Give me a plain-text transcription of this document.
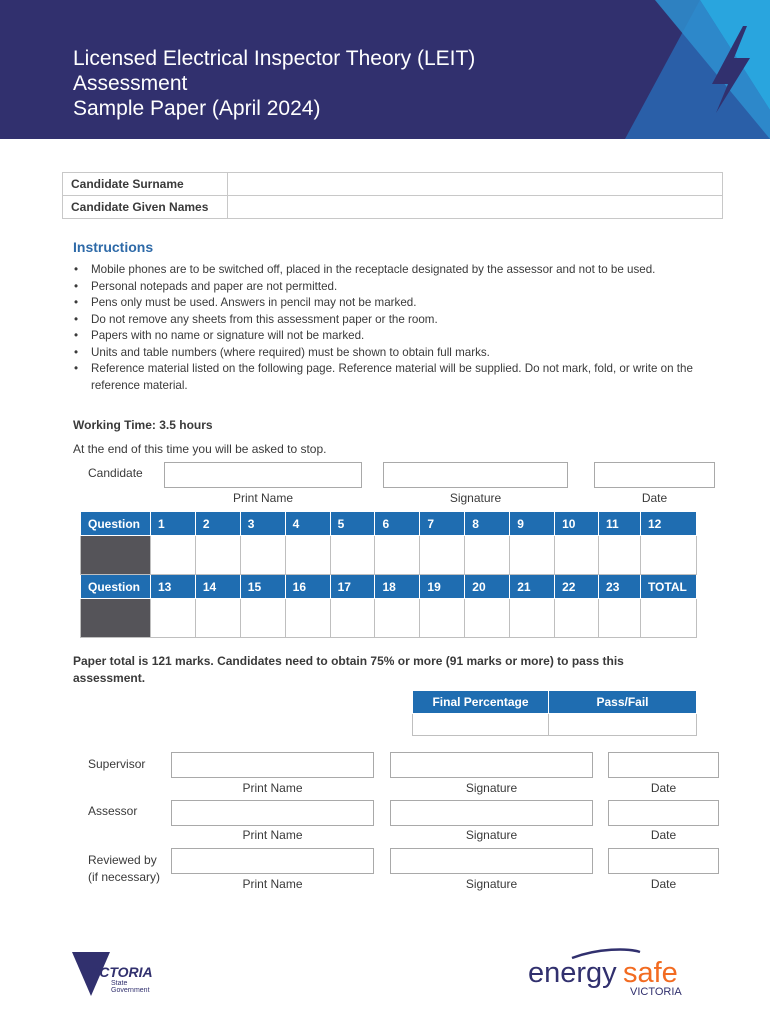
Licensed Electrical Inspector Theory (LEIT)
Assessment
Sample Paper (April 2024)
Candidate Surname	
Candidate Given Names	
Instructions
• Mobile phones are to be switched off, placed in the receptacle designated by the assessor and not to be used.
• Personal notepads and paper are not permitted.
• Pens only must be used. Answers in pencil may not be marked.
• Do not remove any sheets from this assessment paper or the room.
• Papers with no name or signature will not be marked.
• Units and table numbers (where required) must be shown to obtain full marks.
• Reference material listed on the following page. Reference material will be supplied. Do not mark, fold, or write on the reference material.
Working Time: 3.5 hours
At the end of this time you will be asked to stop.
Candidate
Print Name	Signature	Date
Question	1	2	3	4	5	6	7	8	9	10	11	12

Question	13	14	15	16	17	18	19	20	21	22	23	TOTAL

Paper total is 121 marks. Candidates need to obtain 75% or more (91 marks or more) to pass this assessment.
Final Percentage	Pass/Fail

Supervisor
Print Name	Signature	Date
Assessor
Print Name	Signature	Date
Reviewed by (if necessary)	Print Name	Signature	Date
VICTORIA
State
Government
energy safe
VICTORIA
